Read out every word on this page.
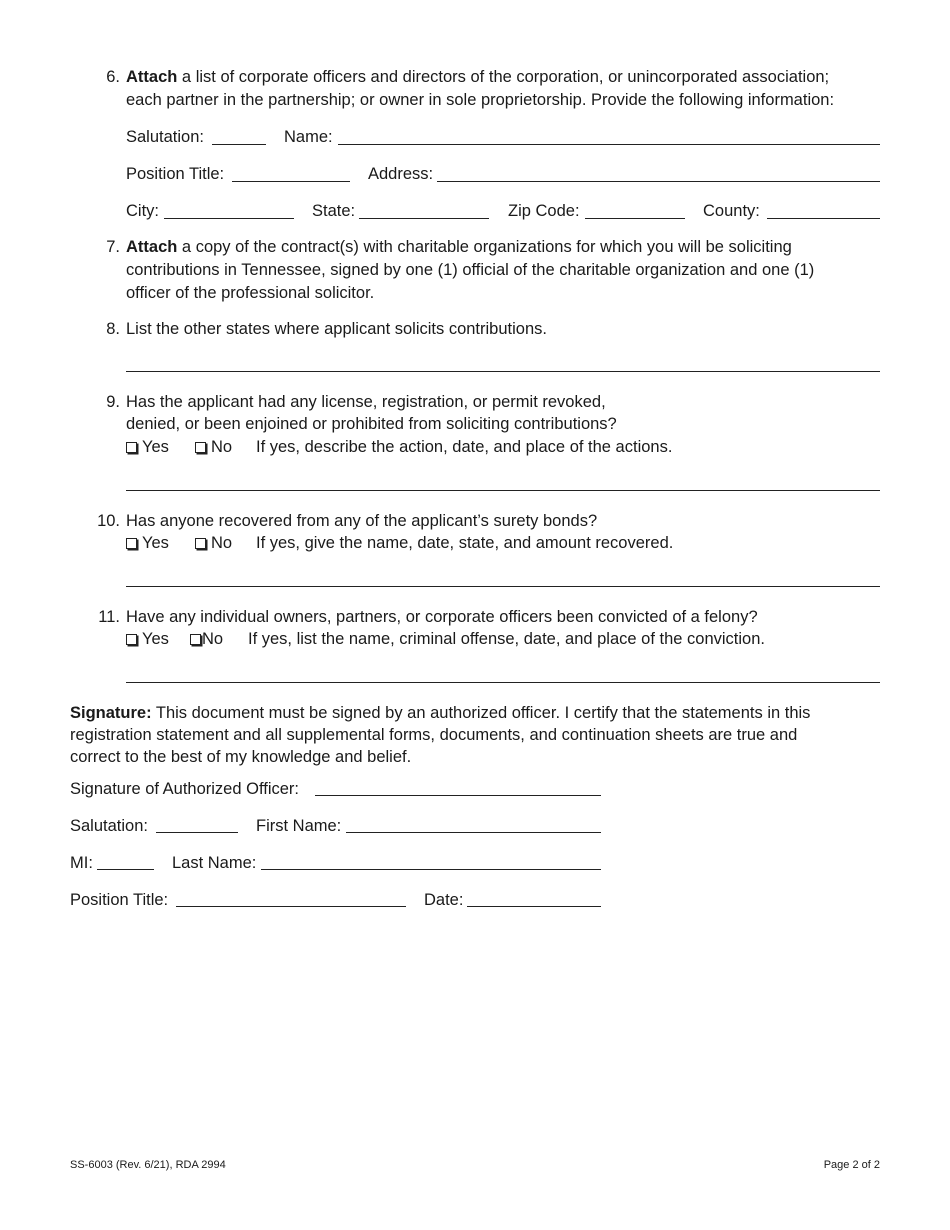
6. Attach a list of corporate officers and directors of the corporation, or unincorporated association;
each partner in the partnership; or owner in sole proprietorship. Provide the following information:
Salutation:	Name:
Position Title:	Address:
City:	State:	Zip Code:	County:
7. Attach a copy of the contract(s) with charitable organizations for which you will be soliciting
contributions in Tennessee, signed by one (1) official of the charitable organization and one (1)
officer of the professional solicitor.
8. List the other states where applicant solicits contributions.
9. Has the applicant had any license, registration, or permit revoked,
denied, or been enjoined or prohibited from soliciting contributions?
Yes	No If yes, describe the action, date, and place of the actions.
10. Has anyone recovered from any of the applicant’s surety bonds?
Yes	No If yes, give the name, date, state, and amount recovered.
11. Have any individual owners, partners, or corporate officers been convicted of a felony?
Yes	No If yes, list the name, criminal offense, date, and place of the conviction.
Signature: This document must be signed by an authorized officer. I certify that the statements in this
registration statement and all supplemental forms, documents, and continuation sheets are true and
correct to the best of my knowledge and belief.
Signature of Authorized Officer:
Salutation:	First Name:
MI:	Last Name:
Position Title:	Date:
SS-6003 (Rev. 6/21), RDA 2994	Page 2 of 2
